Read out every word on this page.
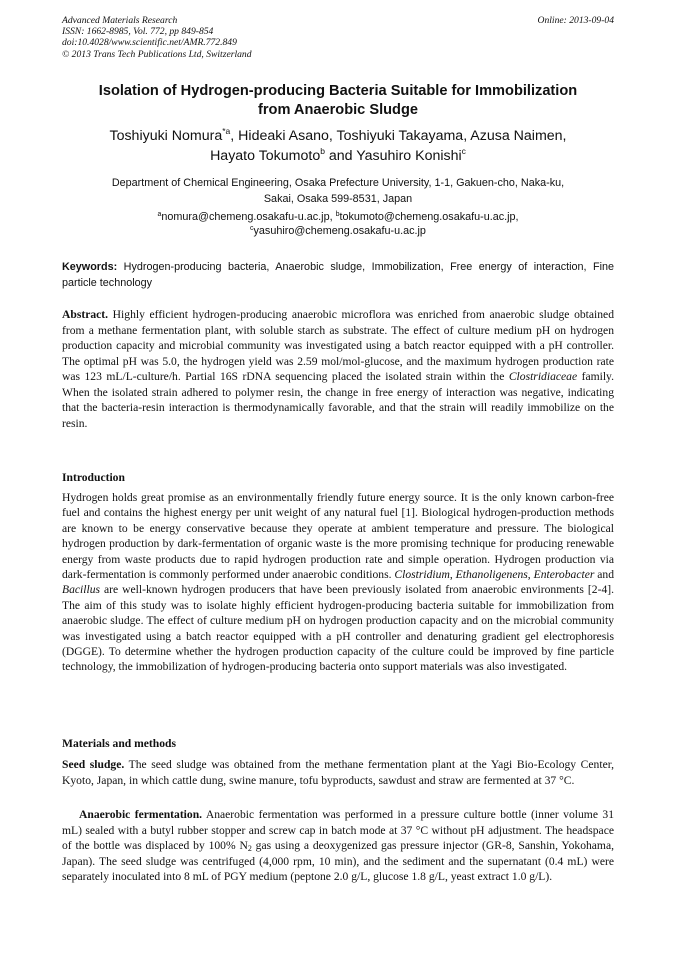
Advanced Materials Research
ISSN: 1662-8985, Vol. 772, pp 849-854
doi:10.4028/www.scientific.net/AMR.772.849
© 2013 Trans Tech Publications Ltd, Switzerland
Online: 2013-09-04
Isolation of Hydrogen-producing Bacteria Suitable for Immobilization
from Anaerobic Sludge
Toshiyuki Nomura$^{*a}$, Hideaki Asano, Toshiyuki Takayama, Azusa Naimen,
Hayato Tokumoto$^b$ and Yasuhiro Konishi$^c$
Department of Chemical Engineering, Osaka Prefecture University, 1-1, Gakuen-cho, Naka-ku,
Sakai, Osaka 599-8531, Japan
$^a$nomura@chemeng.osakafu-u.ac.jp, $^b$tokumoto@chemeng.osakafu-u.ac.jp,
$^c$yasuhiro@chemeng.osakafu-u.ac.jp
Keywords: Hydrogen-producing bacteria, Anaerobic sludge, Immobilization, Free energy of interaction, Fine particle technology
Abstract. Highly efficient hydrogen-producing anaerobic microflora was enriched from anaerobic sludge obtained from a methane fermentation plant, with soluble starch as substrate. The effect of culture medium pH on hydrogen production capacity and microbial community was investigated using a batch reactor equipped with a pH controller. The optimal pH was 5.0, the hydrogen yield was 2.59 mol/mol-glucose, and the maximum hydrogen production rate was 123 mL/L-culture/h. Partial 16S rDNA sequencing placed the isolated strain within the Clostridiaceae family. When the isolated strain adhered to polymer resin, the change in free energy of interaction was negative, indicating that the bacteria-resin interaction is thermodynamically favorable, and that the strain will readily immobilize on the resin.
Introduction
Hydrogen holds great promise as an environmentally friendly future energy source. It is the only known carbon-free fuel and contains the highest energy per unit weight of any natural fuel [1]. Biological hydrogen-production methods are known to be energy conservative because they operate at ambient temperature and pressure. The biological hydrogen production by dark-fermentation of organic waste is the more promising technique for producing renewable energy from waste products due to rapid hydrogen production rate and simple operation. Hydrogen production via dark-fermentation is commonly performed under anaerobic conditions. Clostridium, Ethanoligenens, Enterobacter and Bacillus are well-known hydrogen producers that have been previously isolated from anaerobic environments [2-4]. The aim of this study was to isolate highly efficient hydrogen-producing bacteria suitable for immobilization from anaerobic sludge. The effect of culture medium pH on hydrogen production capacity and on the microbial community was investigated using a batch reactor equipped with a pH controller and denaturing gradient gel electrophoresis (DGGE). To determine whether the hydrogen production capacity of the culture could be improved by fine particle technology, the immobilization of hydrogen-producing bacteria onto support materials was also investigated.
Materials and methods
Seed sludge. The seed sludge was obtained from the methane fermentation plant at the Yagi Bio-Ecology Center, Kyoto, Japan, in which cattle dung, swine manure, tofu byproducts, sawdust and straw are fermented at 37 °C.
Anaerobic fermentation. Anaerobic fermentation was performed in a pressure culture bottle (inner volume 31 mL) sealed with a butyl rubber stopper and screw cap in batch mode at 37 °C without pH adjustment. The headspace of the bottle was displaced by 100% $N_2$ gas using a deoxygenized gas pressure injector (GR-8, Sanshin, Yokohama, Japan). The seed sludge was centrifuged (4,000 rpm, 10 min), and the sediment and the supernatant (0.4 mL) were separately inoculated into 8 mL of PGY medium (peptone 2.0 g/L, glucose 1.8 g/L, yeast extract 1.0 g/L).
